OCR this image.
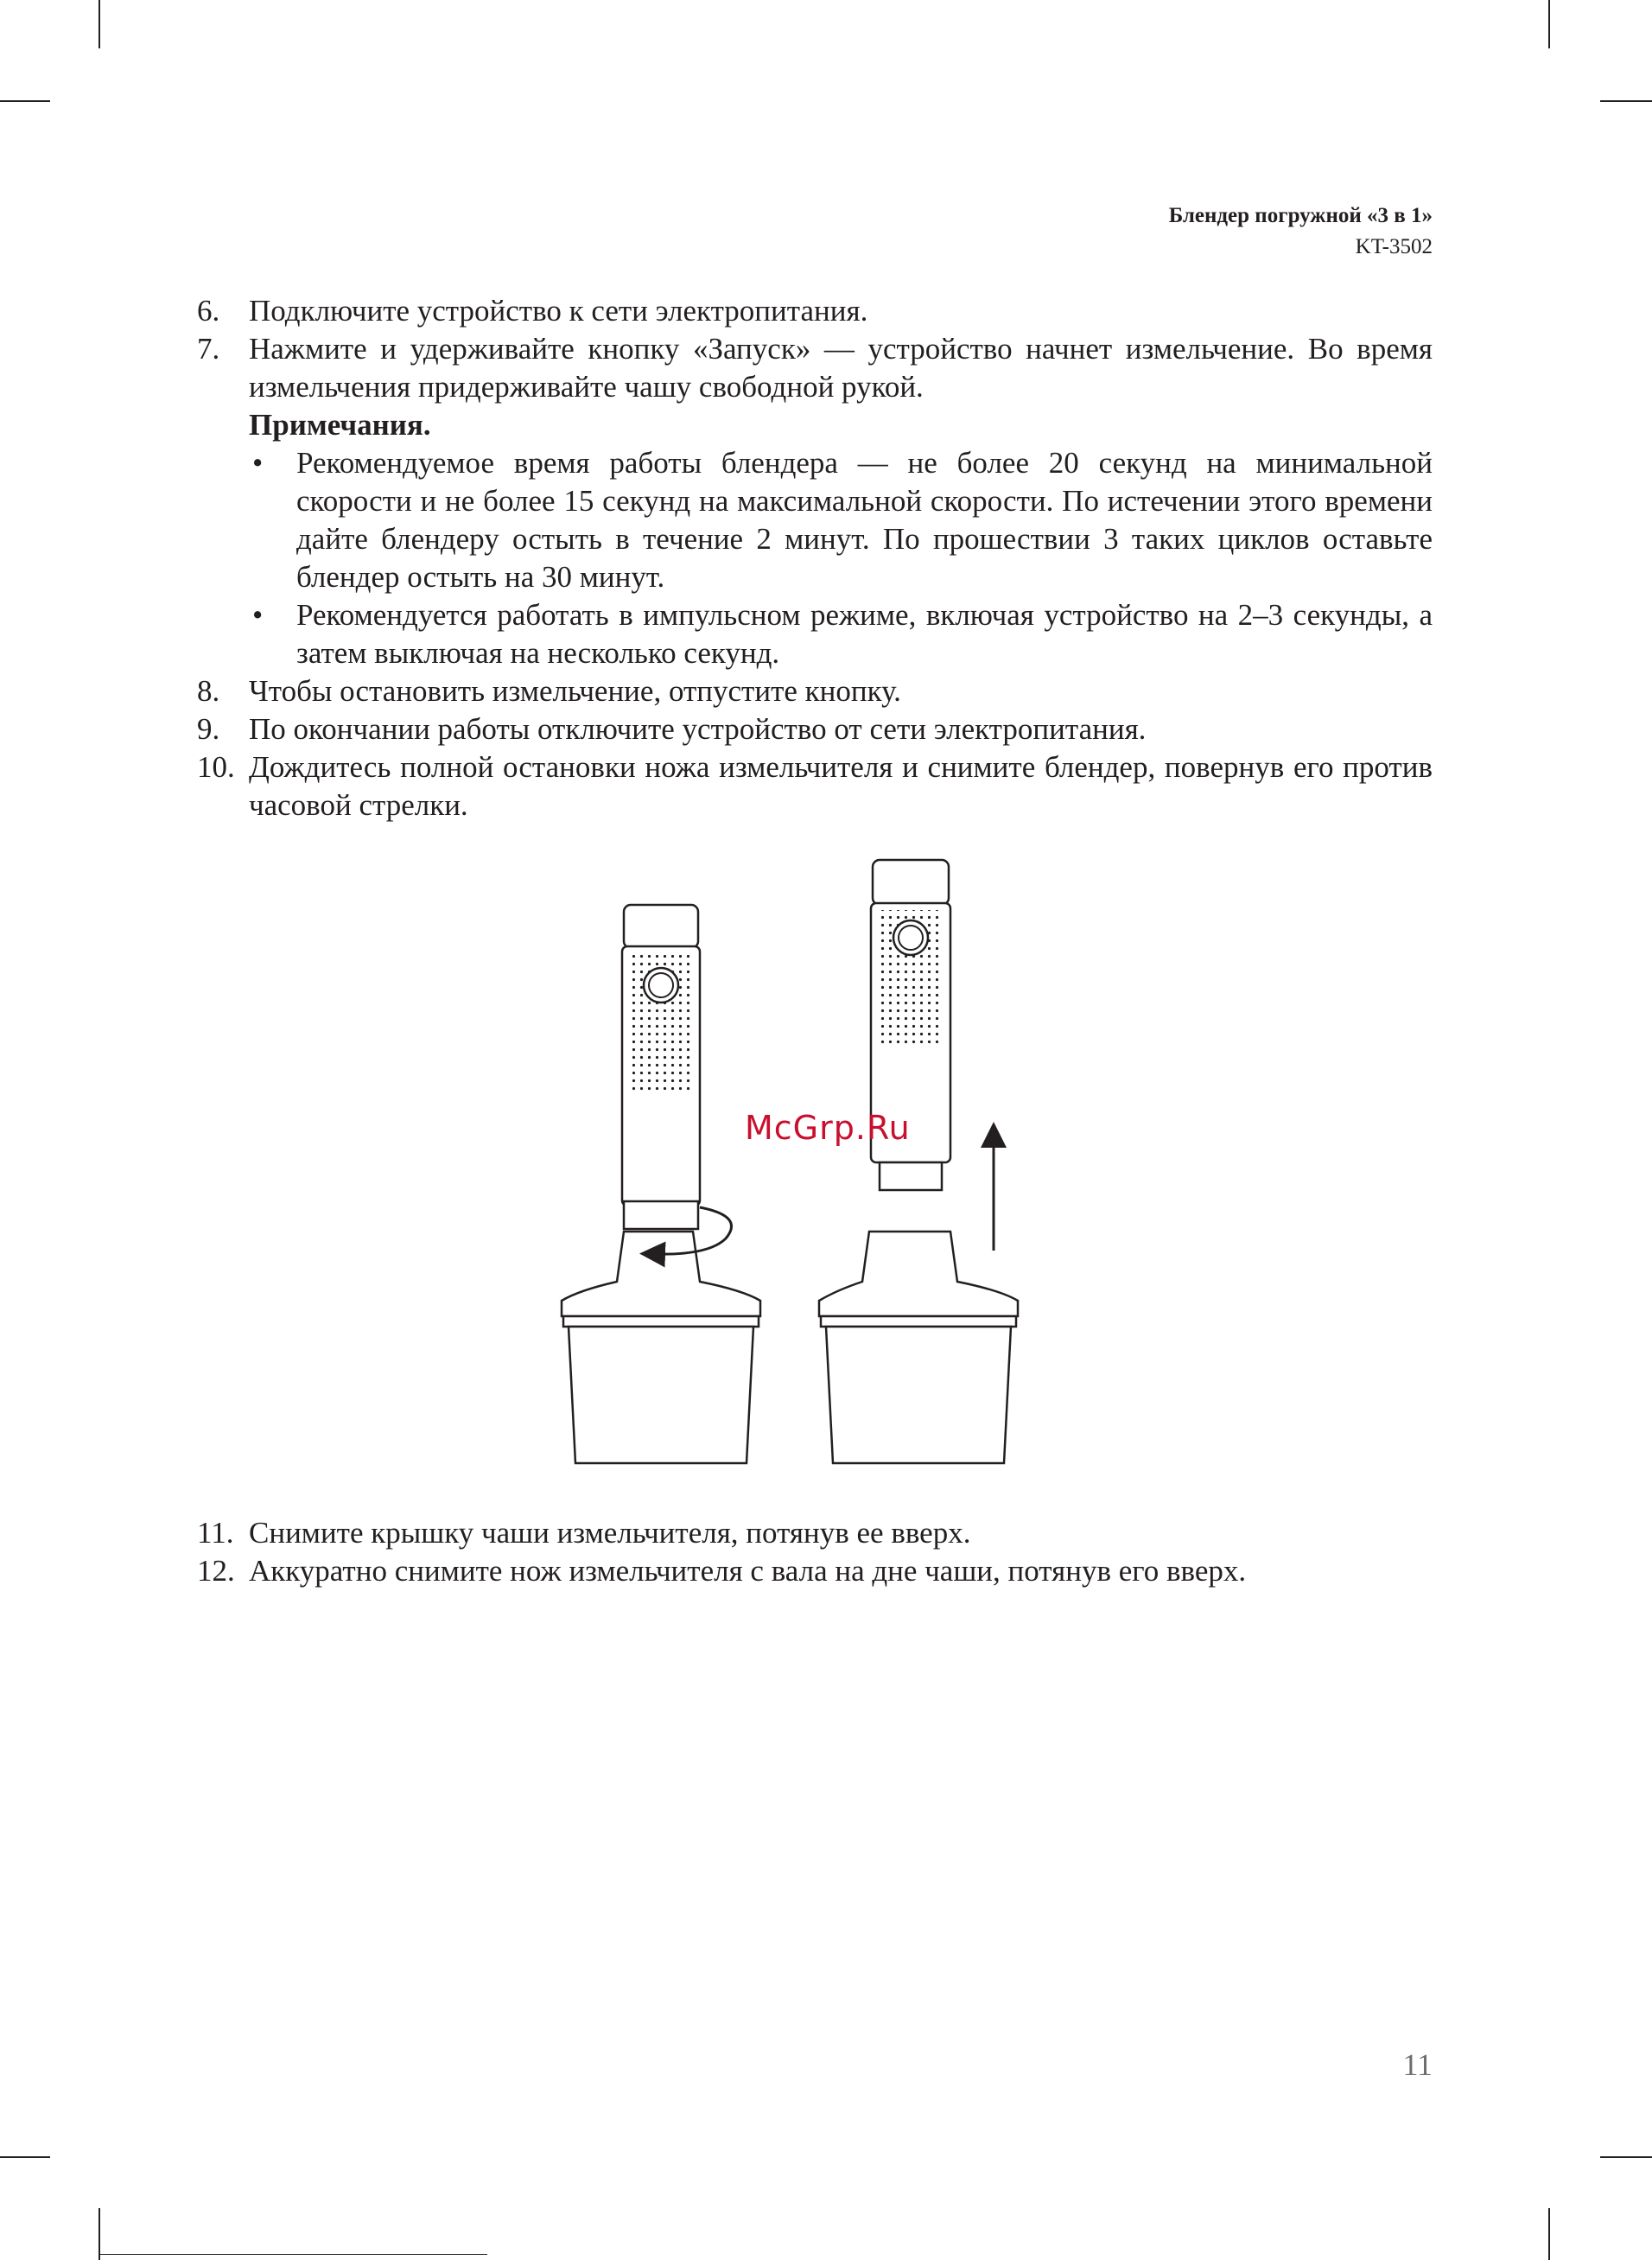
Блендер погружной «3 в 1»
KT-3502
6. Подключите устройство к сети электропитания.
7. Нажмите и удерживайте кнопку «Запуск» — устройство начнет измельчение. Во время измельчения придерживайте чашу свободной рукой.
Примечания.
• Рекомендуемое время работы блендера — не более 20 секунд на минимальной скорости и не более 15 секунд на максимальной скорости. По истечении этого времени дайте блендеру остыть в течение 2 минут. По прошествии 3 таких циклов оставьте блендер остыть на 30 минут.
• Рекомендуется работать в импульсном режиме, включая устройство на 2–3 секунды, а затем выключая на несколько секунд.
8. Чтобы остановить измельчение, отпустите кнопку.
9. По окончании работы отключите устройство от сети электропитания.
10. Дождитесь полной остановки ножа измельчителя и снимите блендер, повернув его против часовой стрелки.
McGrp.Ru
11. Снимите крышку чаши измельчителя, потянув ее вверх.
12. Аккуратно снимите нож измельчителя с вала на дне чаши, потянув его вверх.
11
